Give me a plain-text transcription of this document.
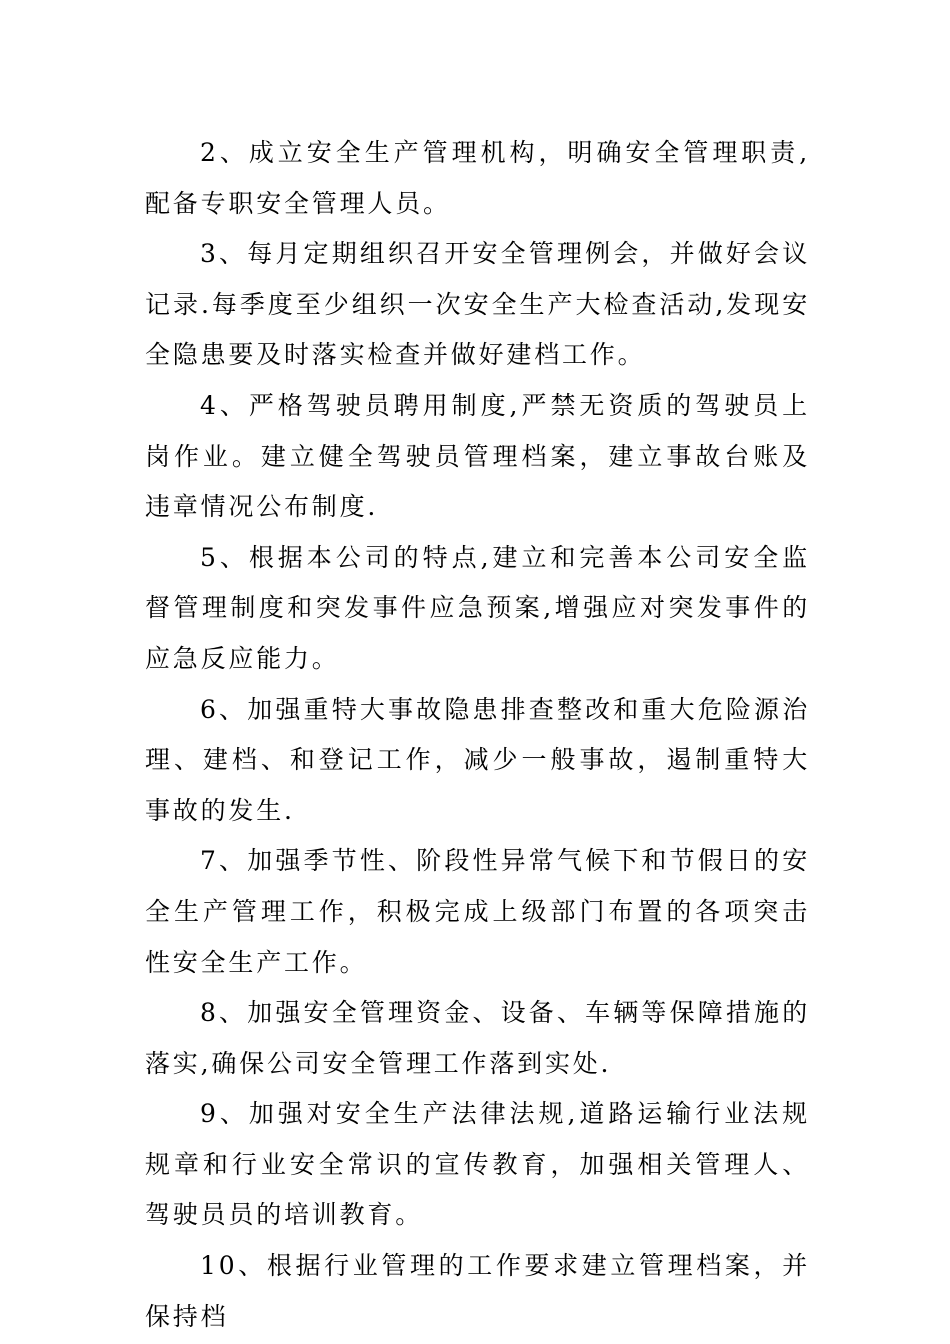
2、成立安全生产管理机构，明确安全管理职责,配备专职安全管理人员。

3、每月定期组织召开安全管理例会，并做好会议记录.每季度至少组织一次安全生产大检查活动,发现安全隐患要及时落实检查并做好建档工作。

4、严格驾驶员聘用制度,严禁无资质的驾驶员上岗作业。建立健全驾驶员管理档案，建立事故台账及违章情况公布制度.

5、根据本公司的特点,建立和完善本公司安全监督管理制度和突发事件应急预案,增强应对突发事件的应急反应能力。

6、加强重特大事故隐患排查整改和重大危险源治理、建档、和登记工作，减少一般事故，遏制重特大事故的发生.

7、加强季节性、阶段性异常气候下和节假日的安全生产管理工作，积极完成上级部门布置的各项突击性安全生产工作。

8、加强安全管理资金、设备、车辆等保障措施的落实,确保公司安全管理工作落到实处.

9、加强对安全生产法律法规,道路运输行业法规规章和行业安全常识的宣传教育，加强相关管理人、驾驶员员的培训教育。

10、根据行业管理的工作要求建立管理档案，并保持档
